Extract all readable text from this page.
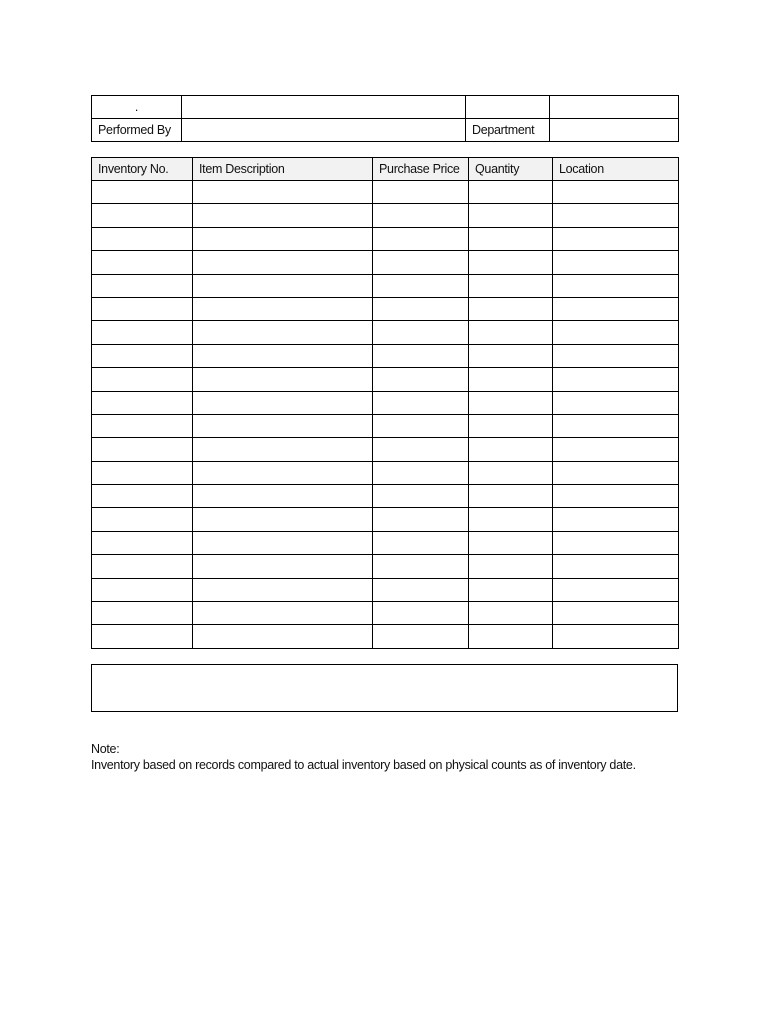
.			
Performed By		Department	
Inventory No.	Item Description	Purchase Price	Quantity	Location

Note:
Inventory based on records compared to actual inventory based on physical counts as of inventory date.
